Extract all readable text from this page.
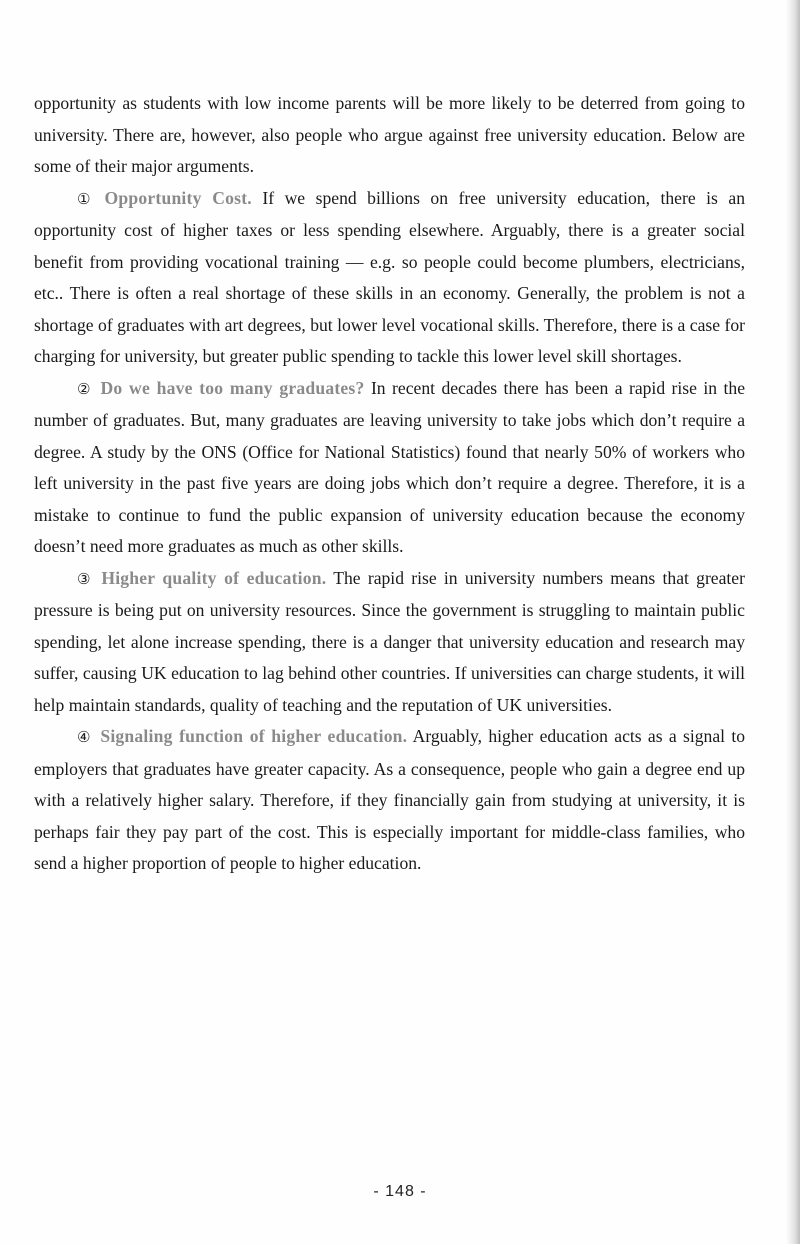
opportunity as students with low income parents will be more likely to be deterred from going to university. There are, however, also people who argue against free university education. Below are some of their major arguments.

① Opportunity Cost. If we spend billions on free university education, there is an opportunity cost of higher taxes or less spending elsewhere. Arguably, there is a greater social benefit from providing vocational training — e.g. so people could become plumbers, electricians, etc.. There is often a real shortage of these skills in an economy. Generally, the problem is not a shortage of graduates with art degrees, but lower level vocational skills. Therefore, there is a case for charging for university, but greater public spending to tackle this lower level skill shortages.

② Do we have too many graduates? In recent decades there has been a rapid rise in the number of graduates. But, many graduates are leaving university to take jobs which don’t require a degree. A study by the ONS (Office for National Statistics) found that nearly 50% of workers who left university in the past five years are doing jobs which don’t require a degree. Therefore, it is a mistake to continue to fund the public expansion of university education because the economy doesn’t need more graduates as much as other skills.

③ Higher quality of education. The rapid rise in university numbers means that greater pressure is being put on university resources. Since the government is struggling to maintain public spending, let alone increase spending, there is a danger that university education and research may suffer, causing UK education to lag behind other countries. If universities can charge students, it will help maintain standards, quality of teaching and the reputation of UK universities.

④ Signaling function of higher education. Arguably, higher education acts as a signal to employers that graduates have greater capacity. As a consequence, people who gain a degree end up with a relatively higher salary. Therefore, if they financially gain from studying at university, it is perhaps fair they pay part of the cost. This is especially important for middle-class families, who send a higher proportion of people to higher education.

- 148 -
